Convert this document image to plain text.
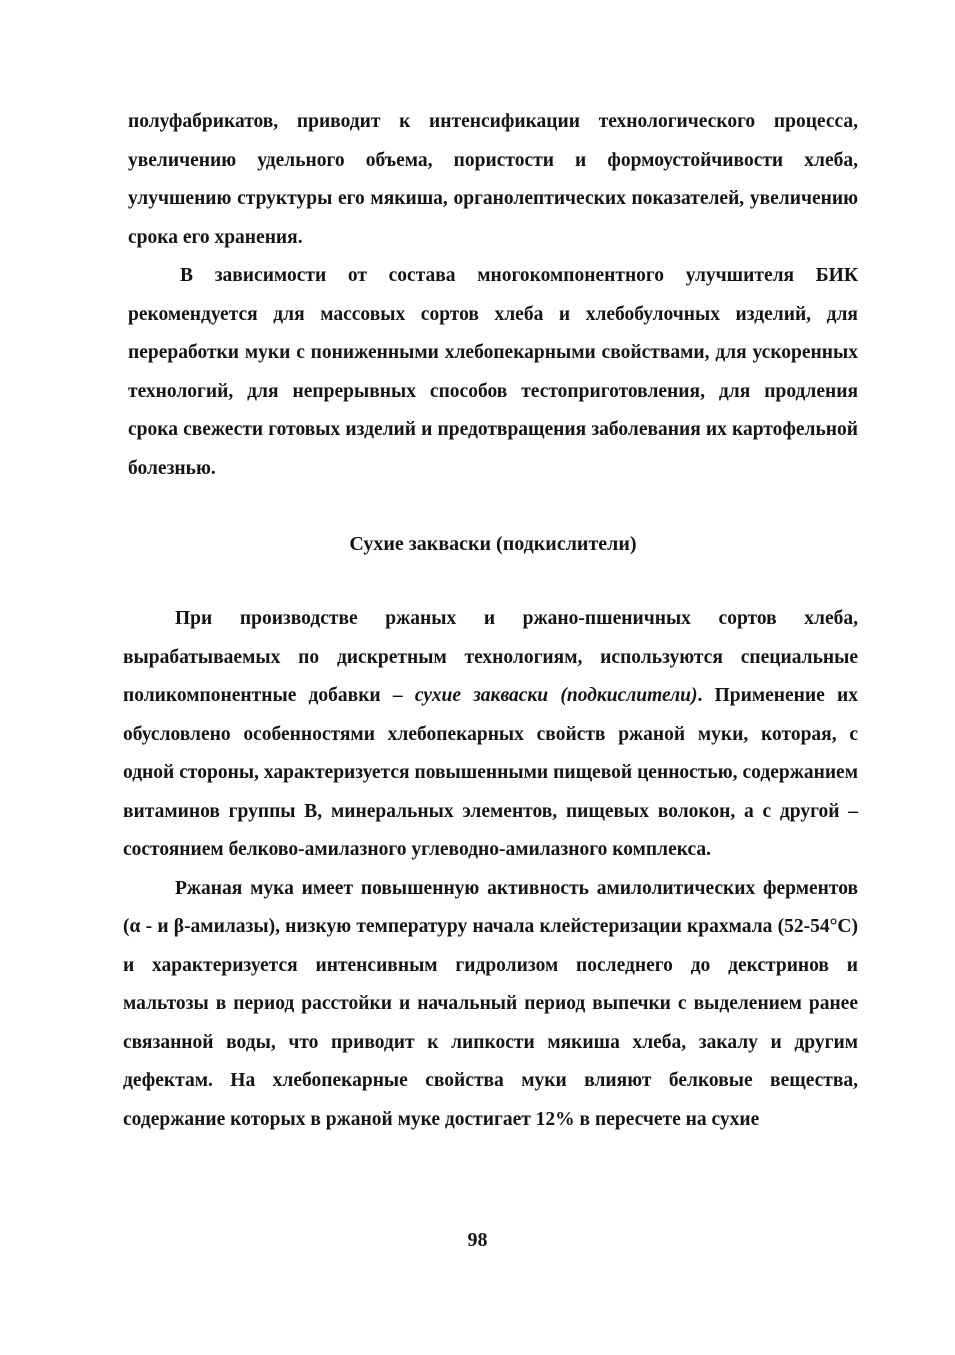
полуфабрикатов, приводит к интенсификации технологического процесса, увеличению удельного объема, пористости и формоустойчивости хлеба, улучшению структуры его мякиша, органолептических показателей, увеличению срока его хранения.

В зависимости от состава многокомпонентного улучшителя БИК рекомендуется для массовых сортов хлеба и хлебобулочных изделий, для переработки муки с пониженными хлебопекарными свойствами, для ускоренных технологий, для непрерывных способов тестоприготовления, для продления срока свежести готовых изделий и предотвращения заболевания их картофельной болезнью.

Сухие закваски (подкислители)

При производстве ржаных и ржано-пшеничных сортов хлеба, вырабатываемых по дискретным технологиям, используются специальные поликомпонентные добавки – сухие закваски (подкислители). Применение их обусловлено особенностями хлебопекарных свойств ржаной муки, которая, с одной стороны, характеризуется повышенными пищевой ценностью, содержанием витаминов группы В, минеральных элементов, пищевых волокон, а с другой – состоянием белково-амилазного углеводно-амилазного комплекса.

Ржаная мука имеет повышенную активность амилолитических ферментов (α - и β-амилазы), низкую температуру начала клейстеризации крахмала (52-54°С) и характеризуется интенсивным гидролизом последнего до декстринов и мальтозы в период расстойки и начальный период выпечки с выделением ранее связанной воды, что приводит к липкости мякиша хлеба, закалу и другим дефектам. На хлебопекарные свойства муки влияют белковые вещества, содержание которых в ржаной муке достигает 12% в пересчете на сухие

98
